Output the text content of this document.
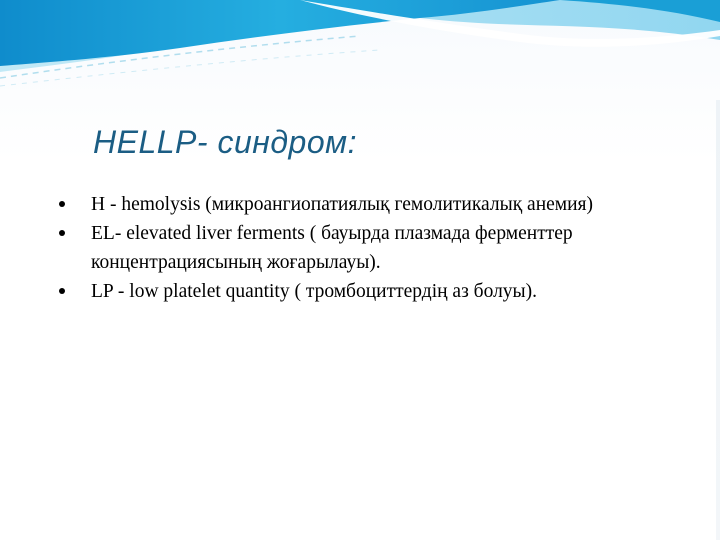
HELLP- синдром:
H - hemolysis (микроангиопатиялық гемолитикалық анемия)
EL- elevated liver ferments ( бауырда плазмада ферменттер концентрациясының жоғарылауы).
LP - low platelet quantity ( тромбоциттердің аз болуы).
